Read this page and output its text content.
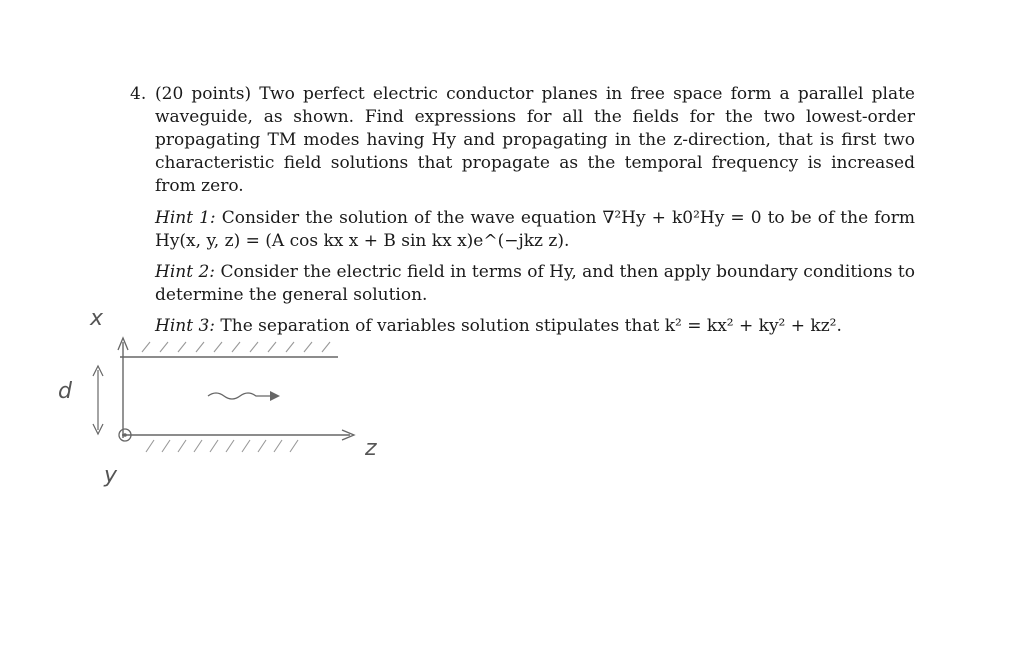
4. (20 points) Two perfect electric conductor planes in free space form a parallel plate waveguide, as shown. Find expressions for all the fields for the two lowest-order propagating TM modes having Hy and propagating in the z-direction, that is first two characteristic field solutions that propagate as the temporal frequency is increased from zero.

Hint 1: Consider the solution of the wave equation ∇²Hy + k0²Hy = 0 to be of the form Hy(x, y, z) = (A cos kx x + B sin kx x)e^(−jkz z).

Hint 2: Consider the electric field in terms of Hy, and then apply boundary conditions to determine the general solution.

Hint 3: The separation of variables solution stipulates that k² = kx² + ky² + kz².

x
d
y
z
